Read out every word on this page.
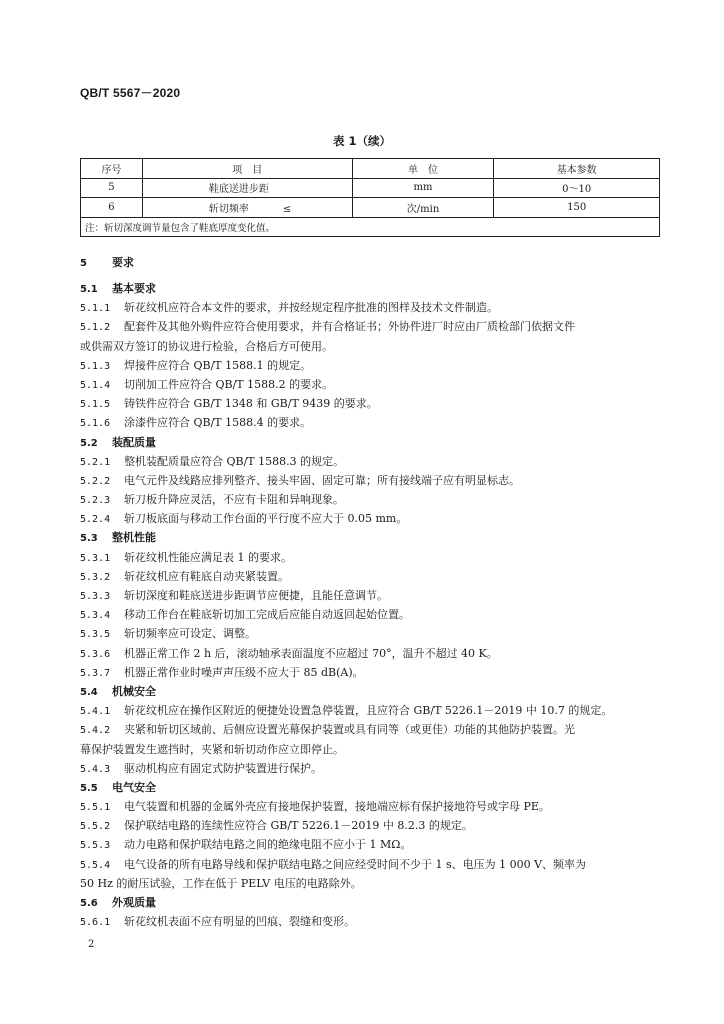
QB/T 5567－2020
表 1（续）
序号	项　目	单　位	基本参数
5	鞋底送进步距	mm	0～10
6	斩切频率 ≤	次/min	150
注：斩切深度调节量包含了鞋底厚度变化值。			
5 要求
5.1 基本要求
5.1.1 斩花纹机应符合本文件的要求，并按经规定程序批准的图样及技术文件制造。
5.1.2 配套件及其他外购件应符合使用要求，并有合格证书；外协件进厂时应由厂质检部门依据文件
或供需双方签订的协议进行检验，合格后方可使用。
5.1.3 焊接件应符合 QB/T 1588.1 的规定。
5.1.4 切削加工件应符合 QB/T 1588.2 的要求。
5.1.5 铸铁件应符合 GB/T 1348 和 GB/T 9439 的要求。
5.1.6 涂漆件应符合 QB/T 1588.4 的要求。
5.2 装配质量
5.2.1 整机装配质量应符合 QB/T 1588.3 的规定。
5.2.2 电气元件及线路应排列整齐、接头牢固、固定可靠；所有接线端子应有明显标志。
5.2.3 斩刀板升降应灵活，不应有卡阻和异响现象。
5.2.4 斩刀板底面与移动工作台面的平行度不应大于 0.05 mm。
5.3 整机性能
5.3.1 斩花纹机性能应满足表 1 的要求。
5.3.2 斩花纹机应有鞋底自动夹紧装置。
5.3.3 斩切深度和鞋底送进步距调节应便捷，且能任意调节。
5.3.4 移动工作台在鞋底斩切加工完成后应能自动返回起始位置。
5.3.5 斩切频率应可设定、调整。
5.3.6 机器正常工作 2 h 后，滚动轴承表面温度不应超过 70°，温升不超过 40 K。
5.3.7 机器正常作业时噪声声压级不应大于 85 dB(A)。
5.4 机械安全
5.4.1 斩花纹机应在操作区附近的便捷处设置急停装置，且应符合 GB/T 5226.1－2019 中 10.7 的规定。
5.4.2 夹紧和斩切区域前、后侧应设置光幕保护装置或具有同等（或更佳）功能的其他防护装置。光
幕保护装置发生遮挡时，夹紧和斩切动作应立即停止。
5.4.3 驱动机构应有固定式防护装置进行保护。
5.5 电气安全
5.5.1 电气装置和机器的金属外壳应有接地保护装置，接地端应标有保护接地符号或字母 PE。
5.5.2 保护联结电路的连续性应符合 GB/T 5226.1－2019 中 8.2.3 的规定。
5.5.3 动力电路和保护联结电路之间的绝缘电阻不应小于 1 MΩ。
5.5.4 电气设备的所有电路导线和保护联结电路之间应经受时间不少于 1 s、电压为 1 000 V、频率为
50 Hz 的耐压试验，工作在低于 PELV 电压的电路除外。
5.6 外观质量
5.6.1 斩花纹机表面不应有明显的凹痕、裂缝和变形。
2
